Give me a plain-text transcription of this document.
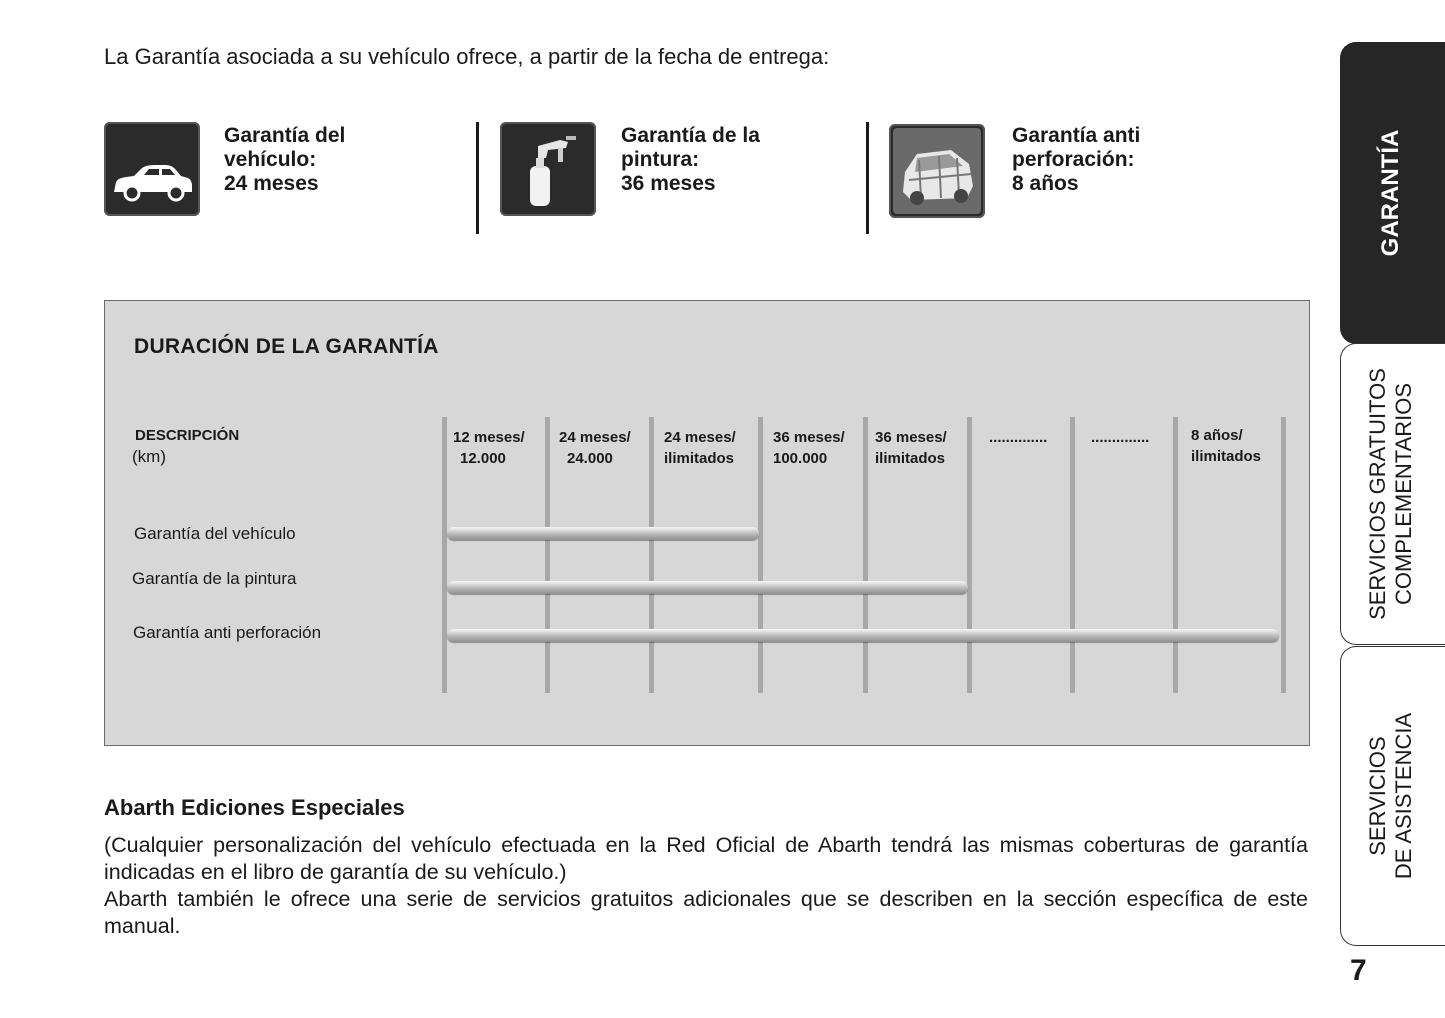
La Garantía asociada a su vehículo ofrece, a partir de la fecha de entrega:
Garantía del
vehículo:
24 meses
Garantía de la
pintura:
36 meses
Garantía anti
perforación:
8 años
DURACIÓN DE LA GARANTÍA
DESCRIPCIÓN
(km)
12 meses/
12.000
24 meses/
24.000
24 meses/
ilimitados
36 meses/
100.000
36 meses/
ilimitados
..............	..............	8 años/
ilimitados
Garantía del vehículo
Garantía de la pintura
Garantía anti perforación
Abarth Ediciones Especiales
(Cualquier personalización del vehículo efectuada en la Red Oficial de Abarth tendrá las mismas coberturas de garantía indicadas en el libro de garantía de su vehículo.)
Abarth también le ofrece una serie de servicios gratuitos adicionales que se describen en la sección específica de este manual.
GARANTÍA
SERVICIOS GRATUITOS COMPLEMENTARIOS
SERVICIOS DE ASISTENCIA
7
